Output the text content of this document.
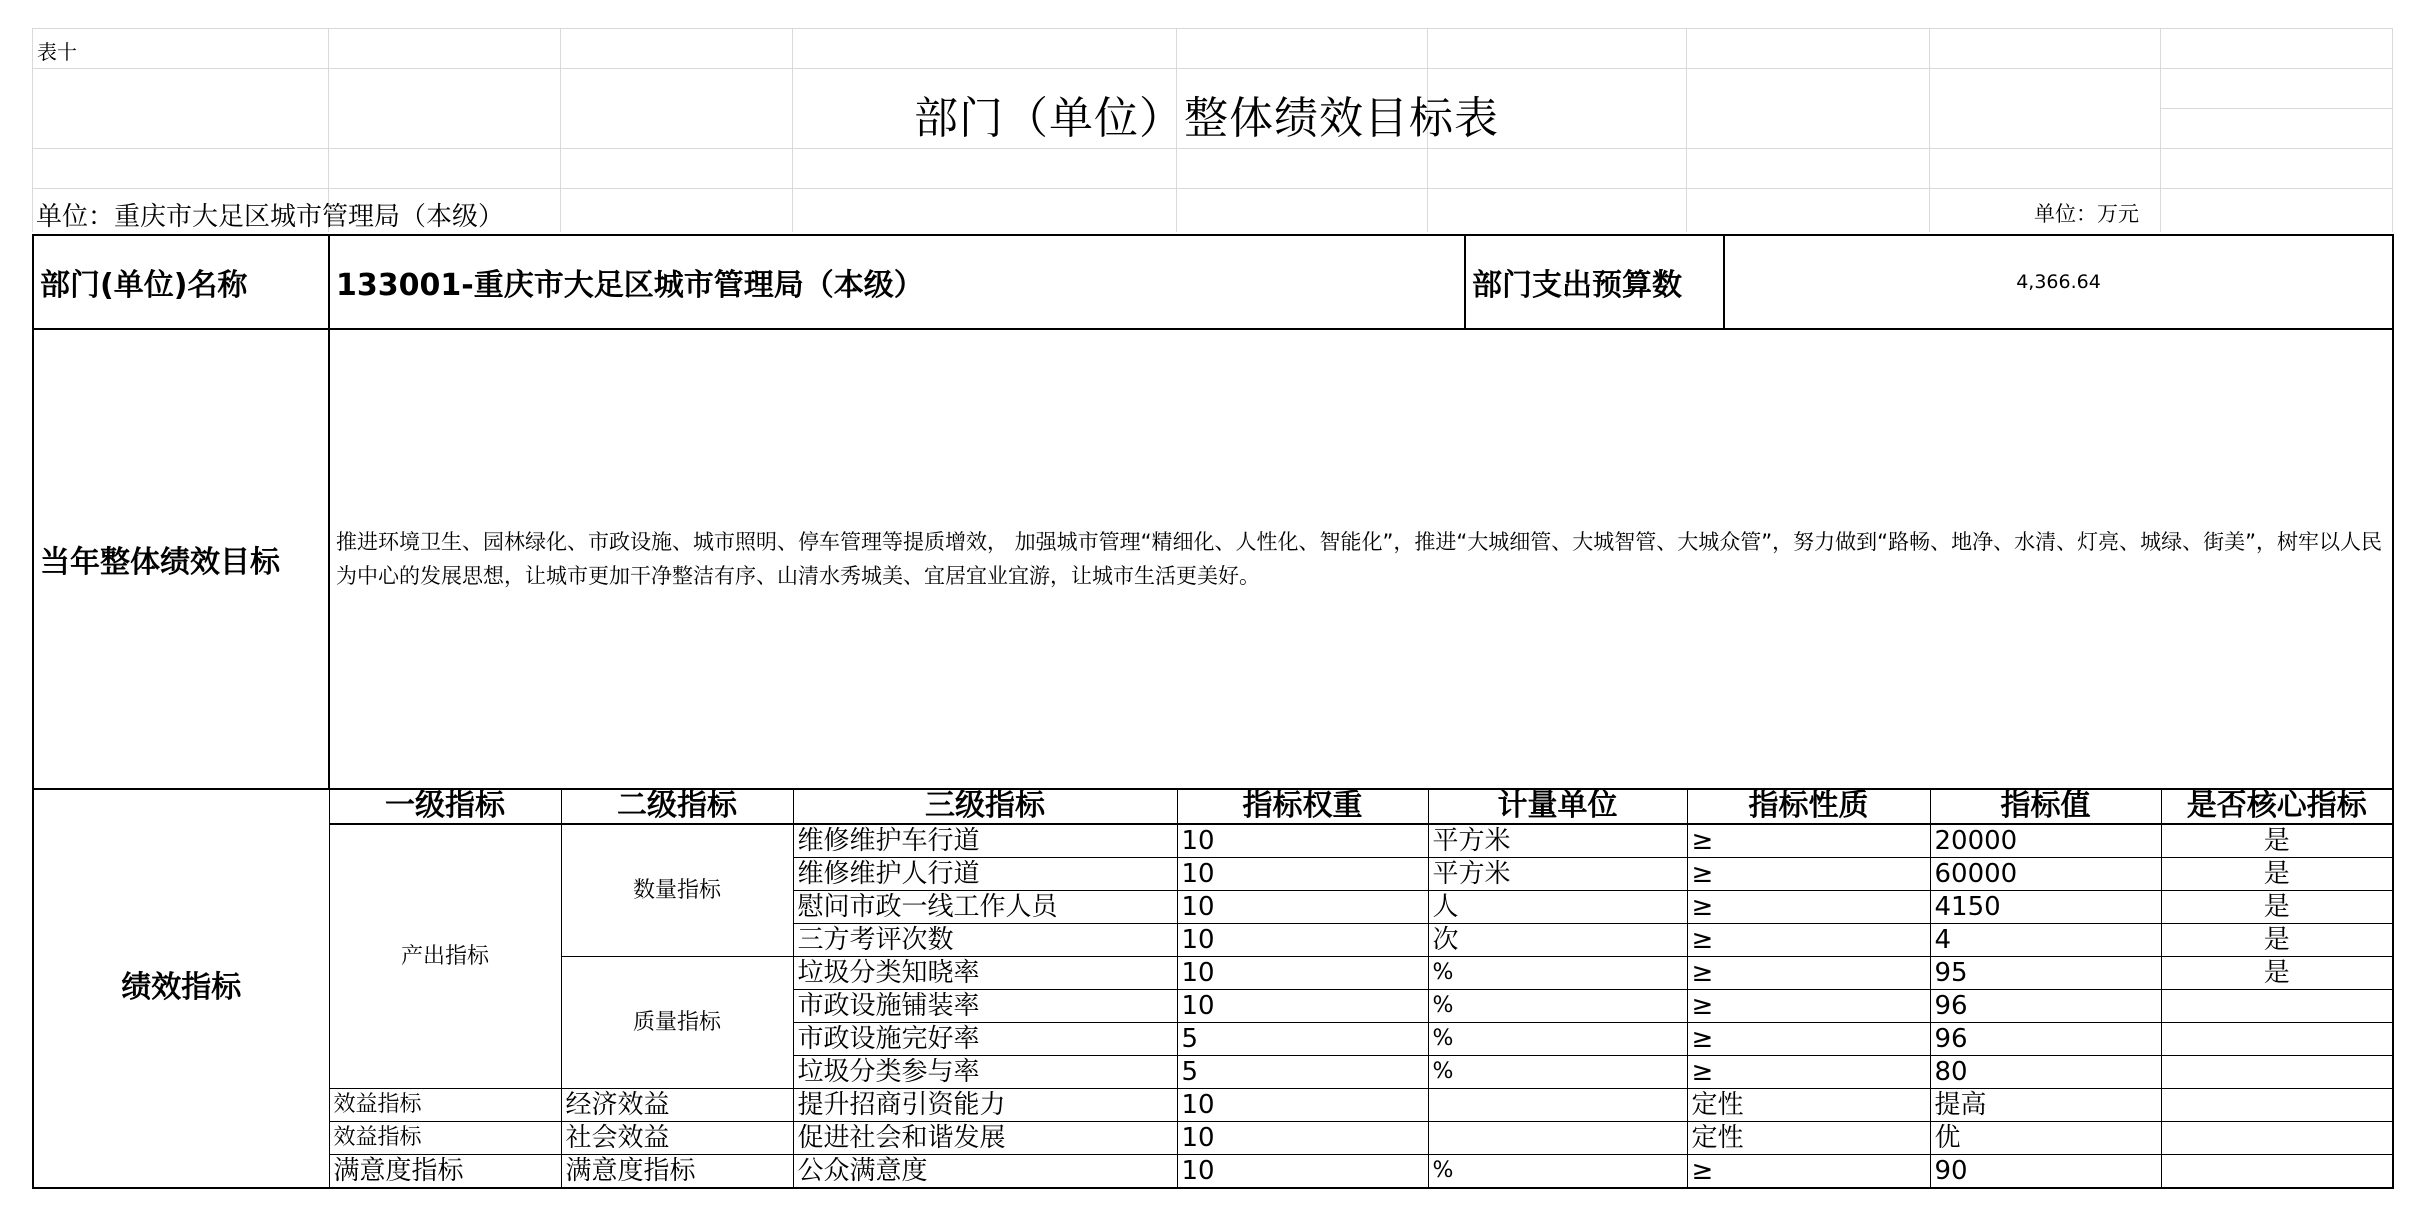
表十
部门（单位）整体绩效目标表
单位：重庆市大足区城市管理局（本级）	单位：万元
部门(单位)名称	133001-重庆市大足区城市管理局（本级）	部门支出预算数	4,366.64
当年整体绩效目标	推进环境卫生、园林绿化、市政设施、城市照明、停车管理等提质增效， 加强城市管理“精细化、人性化、智能化”，推进“大城细管、大城智管、大城众管”，努力做到“路畅、地净、水清、灯亮、城绿、街美”，树牢以人民为中心的发展思想，让城市更加干净整洁有序、山清水秀城美、宜居宜业宜游，让城市生活更美好。		
绩效指标	一级指标	二级指标	三级指标	指标权重	计量单位	指标性质	指标值	是否核心指标
	产出指标	数量指标	维修维护车行道	10	平方米	≥	20000	是
			维修维护人行道	10	平方米	≥	60000	是
			慰问市政一线工作人员	10	人	≥	4150	是
			三方考评次数	10	次	≥	4	是
		质量指标	垃圾分类知晓率	10	%	≥	95	是
			市政设施铺装率	10	%	≥	96	
			市政设施完好率	5	%	≥	96	
			垃圾分类参与率	5	%	≥	80	
	效益指标	经济效益	提升招商引资能力	10		定性	提高	
	效益指标	社会效益	促进社会和谐发展	10		定性	优	
	满意度指标	满意度指标	公众满意度	10	%	≥	90	
